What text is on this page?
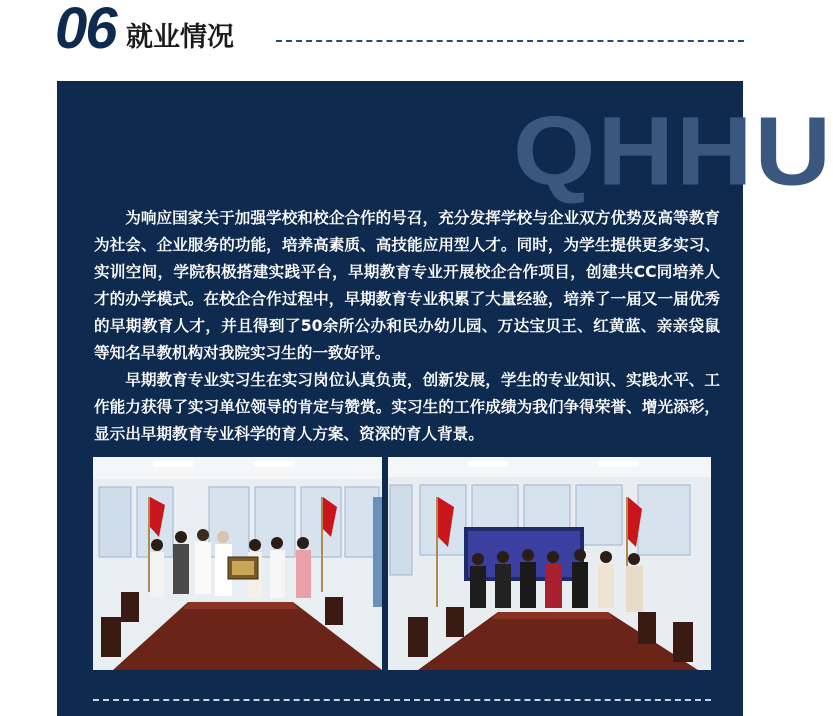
06 就业情况
QHHU

为响应国家关于加强学校和校企合作的号召，充分发挥学校与企业双方优势及高等教育为社会、企业服务的功能，培养高素质、高技能应用型人才。同时，为学生提供更多实习、实训空间，学院积极搭建实践平台，早期教育专业开展校企合作项目，创建共CC同培养人才的办学模式。在校企合作过程中，早期教育专业积累了大量经验，培养了一届又一届优秀的早期教育人才，并且得到了50余所公办和民办幼儿园、万达宝贝王、红黄蓝、亲亲袋鼠等知名早教机构对我院实习生的一致好评。

早期教育专业实习生在实习岗位认真负责，创新发展，学生的专业知识、实践水平、工作能力获得了实习单位领导的肯定与赞赏。实习生的工作成绩为我们争得荣誉、增光添彩，显示出早期教育专业科学的育人方案、资深的育人背景。
